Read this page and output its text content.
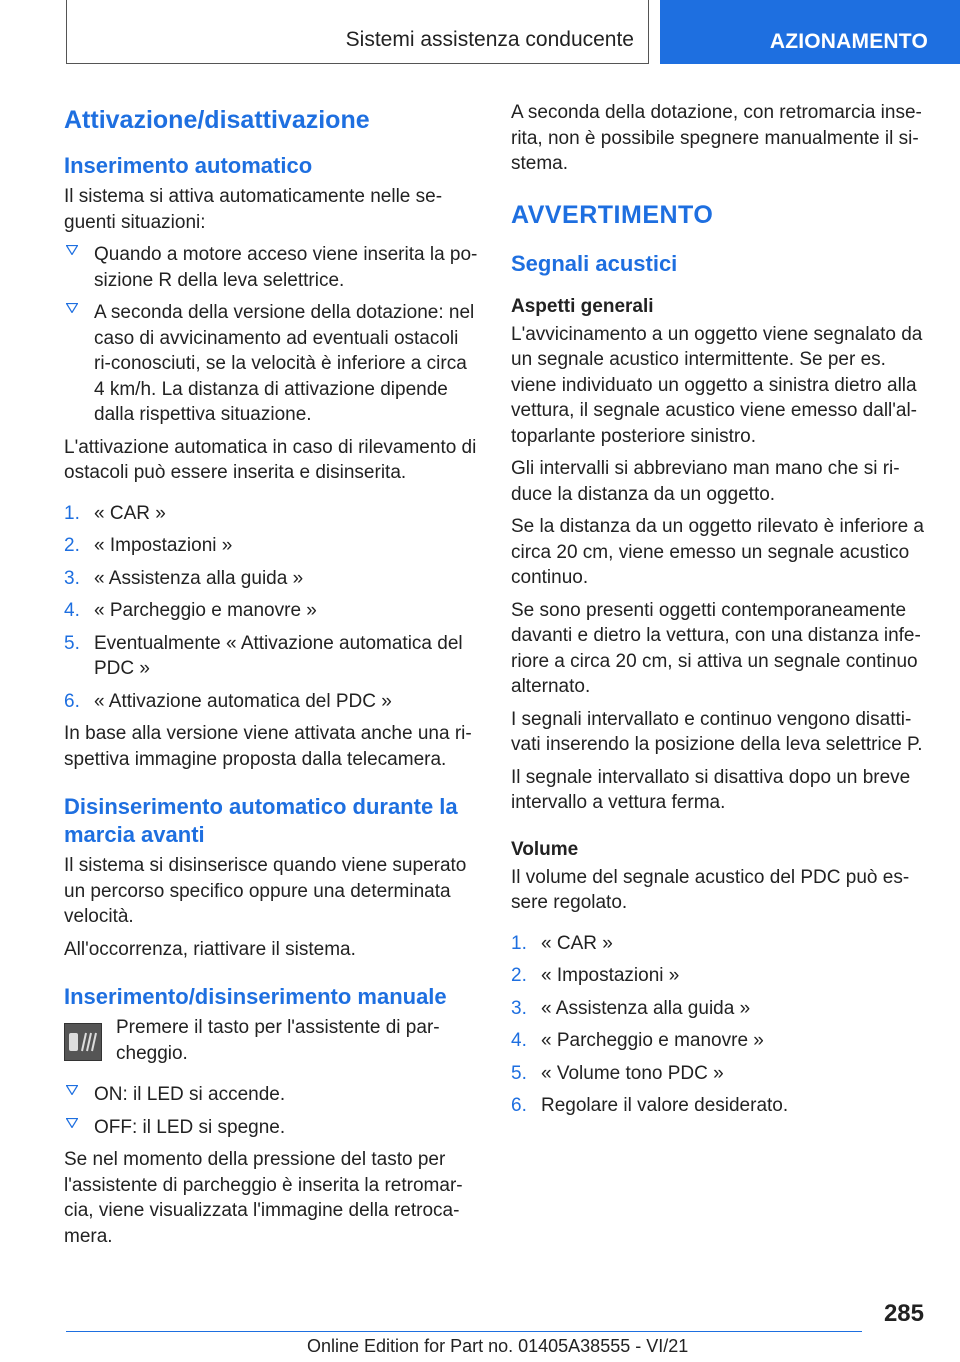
Sistemi assistenza conducente	AZIONAMENTO
Attivazione/disattivazione
Inserimento automatico

Il sistema si attiva automaticamente nelle se-guenti situazioni:

Quando a motore acceso viene inserita la po-sizione R della leva selettrice.
A seconda della versione della dotazione: nel caso di avvicinamento ad eventuali ostacoli ri-conosciuti, se la velocità è inferiore a circa 4 km/h. La distanza di attivazione dipende dalla rispettiva situazione.

L'attivazione automatica in caso di rilevamento di ostacoli può essere inserita e disinserita.

1. « CAR »
2. « Impostazioni »
3. « Assistenza alla guida »
4. « Parcheggio e manovre »
5. Eventualmente « Attivazione automatica del PDC »
6. « Attivazione automatica del PDC »

In base alla versione viene attivata anche una ri-spettiva immagine proposta dalla telecamera.

Disinserimento automatico durante la marcia avanti

Il sistema si disinserisce quando viene superato un percorso specifico oppure una determinata velocità.

All'occorrenza, riattivare il sistema.

Inserimento/disinserimento manuale

Premere il tasto per l'assistente di par-cheggio.

ON: il LED si accende.
OFF: il LED si spegne.

Se nel momento della pressione del tasto per l'assistente di parcheggio è inserita la retromar-cia, viene visualizzata l'immagine della retroca-mera.

A seconda della dotazione, con retromarcia inse-rita, non è possibile spegnere manualmente il si-stema.

AVVERTIMENTO
Segnali acustici
Aspetti generali

L'avvicinamento a un oggetto viene segnalato da un segnale acustico intermittente. Se per es. viene individuato un oggetto a sinistra dietro alla vettura, il segnale acustico viene emesso dall'al-toparlante posteriore sinistro.

Gli intervalli si abbreviano man mano che si ri-duce la distanza da un oggetto.

Se la distanza da un oggetto rilevato è inferiore a circa 20 cm, viene emesso un segnale acustico continuo.

Se sono presenti oggetti contemporaneamente davanti e dietro la vettura, con una distanza infe-riore a circa 20 cm, si attiva un segnale continuo alternato.

I segnali intervallato e continuo vengono disatti-vati inserendo la posizione della leva selettrice P.

Il segnale intervallato si disattiva dopo un breve intervallo a vettura ferma.

Volume

Il volume del segnale acustico del PDC può es-sere regolato.

1. « CAR »
2. « Impostazioni »
3. « Assistenza alla guida »
4. « Parcheggio e manovre »
5. « Volume tono PDC »
6. Regolare il valore desiderato.
285
Online Edition for Part no. 01405A38555 - VI/21
